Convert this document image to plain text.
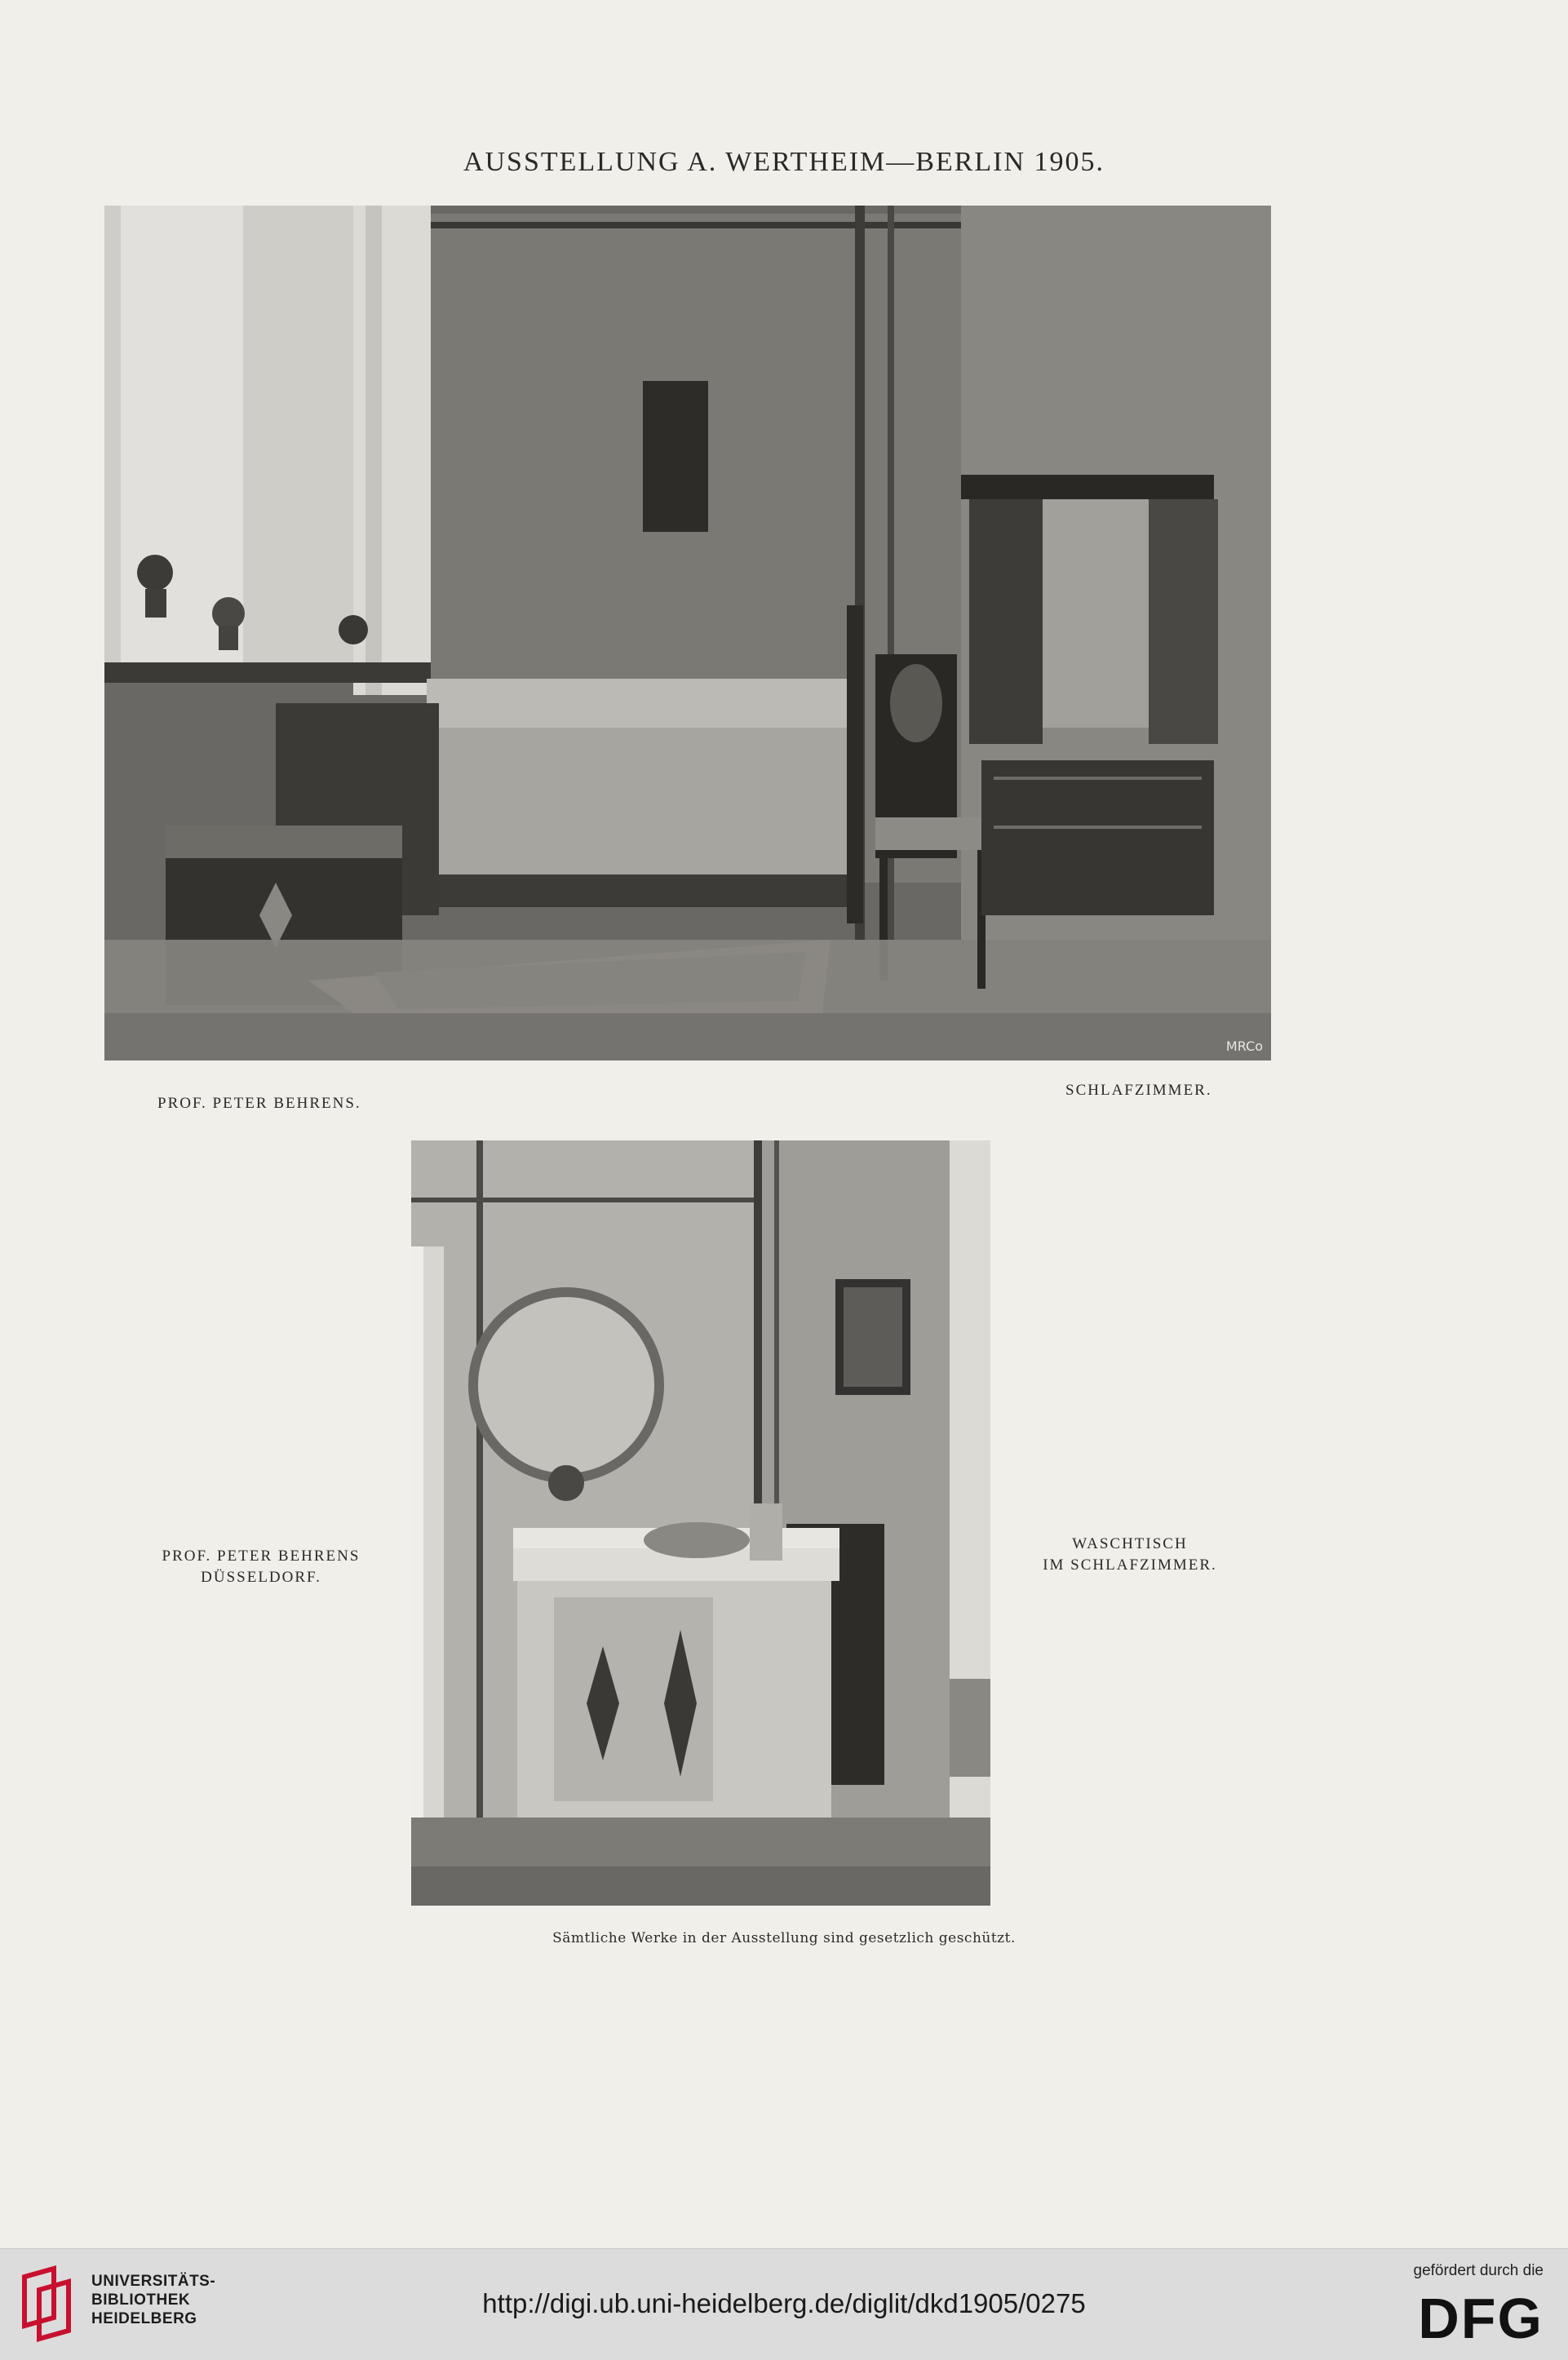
AUSSTELLUNG A. WERTHEIM—BERLIN 1905.
MRCo
PROF. PETER BEHRENS.
SCHLAFZIMMER.
PROF. PETER BEHRENS
DÜSSELDORF.
WASCHTISCH
IM SCHLAFZIMMER.
Sämtliche Werke in der Ausstellung sind gesetzlich geschützt.
UNIVERSITÄTS-
BIBLIOTHEK
HEIDELBERG
http://digi.ub.uni-heidelberg.de/diglit/dkd1905/0275
gefördert durch die
DFG
